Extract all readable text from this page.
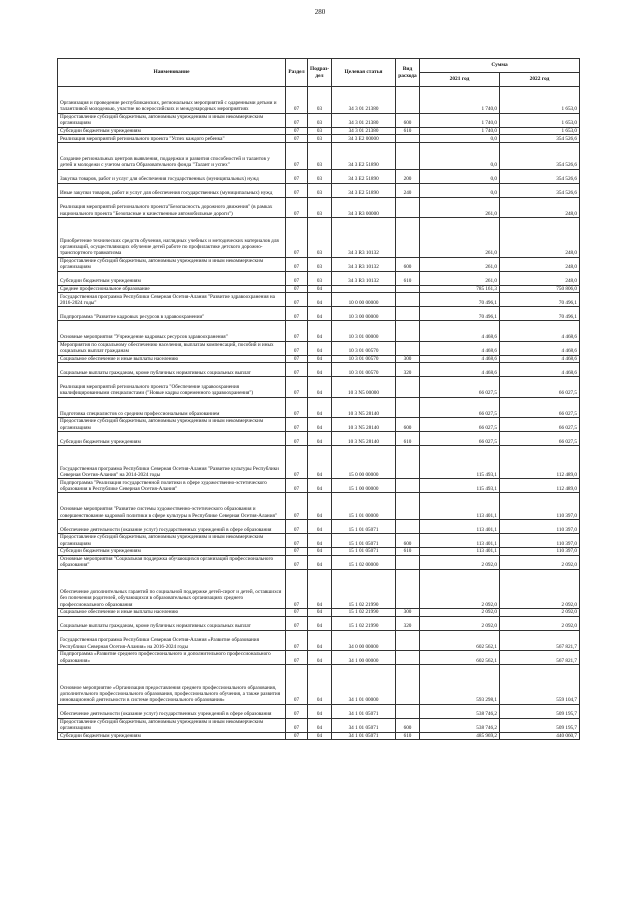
280
Наименование	Раздел	Подраз-дел	Целевая статья	Вид расхода	Сумма	
					2021 год	2022 год
Организация и проведение республиканских, региональных мероприятий с одаренными детьми и талантливой молодежью, участие во всероссийских и международных мероприятиях	07	03	34 3 01 21380		1 740,0	1 653,0
Предоставление субсидий бюджетным, автономным учреждениям и иным некоммерческим организациям	07	03	34 3 01 21380	600	1 740,0	1 653,0
Субсидии бюджетным учреждениям	07	03	34 3 01 21380	610	1 740,0	1 653,0
Реализация мероприятий регионального проекта "Успех каждого ребенка"	07	03	34 3 E2 00000		0,0	354 526,6
Создание региональных центров выявления, поддержки и развития способностей и талантов у детей и молодежи с учетом опыта Образовательного фонда "Талант и успех"	07	03	34 3 E2 51890		0,0	354 526,6
Закупка товаров, работ и услуг для обеспечения государственных (муниципальных) нужд	07	03	34 3 E2 51890	200	0,0	354 526,6
Иные закупки товаров, работ и услуг для обеспечения государственных (муниципальных) нужд	07	03	34 3 E2 51890	240	0,0	354 526,6
Реализация мероприятий регионального проекта"Безопасность дорожного движения" (в рамках национального проекта "Безопасные и качественные автомобильные дороги")	07	03	34 3 R3 00000		261,0	248,0
Приобретение технических средств обучения, наглядных учебных и методических материалов для организаций, осуществляющих обучение детей работе по профилактике детского дорожно-транспортного травматизма	07	03	34 3 R3 10132		261,0	248,0
Предоставление субсидий бюджетным, автономным учреждениям и иным некоммерческим организациям	07	03	34 3 R3 10132	600	261,0	248,0
Субсидии бюджетным учреждениям	07	03	34 3 R3 10132	610	261,0	248,0
Среднее профессиональное образование	07	04			785 161,3	750 806,0
Государственная программа Республики Северная Осетия-Алания "Развитие здравоохранения на 2016-2024 годы"	07	04	10 0 00 00000		70 496,1	70 496,1
Подпрограмма "Развитие кадровых ресурсов в здравоохранении"	07	04	10 3 00 00000		70 496,1	70 496,1
Основные мероприятия "Учреждение кадровых ресурсов здравоохранения"	07	04	10 3 01 00000		4 468,6	4 468,6
Мероприятия по социальному обеспечению населения, выплатам компенсаций, пособий и иных социальных выплат гражданам	07	04	10 3 01 00570		4 468,6	4 468,6
Социальное обеспечение и иные выплаты населению	07	04	10 3 01 00570	300	4 468,6	4 468,6
Социальные выплаты гражданам, кроме публичных нормативных социальных выплат	07	04	10 3 01 00570	320	4 468,6	4 468,6
Реализация мероприятий регионального проекта "Обеспечение здравоохранения квалифицированными специалистами ("Новые кадры современного здравоохранения")	07	04	10 3 N5 00000		66 027,5	66 027,5
Подготовка специалистов со средним профессиональным образованием	07	04	10 3 N5 28140		66 027,5	66 027,5
Предоставление субсидий бюджетным, автономным учреждениям и иным некоммерческим организациям	07	04	10 3 N5 28140	600	66 027,5	66 027,5
Субсидии бюджетным учреждениям	07	04	10 3 N5 28140	610	66 027,5	66 027,5
Государственная программа Республики Северная Осетия-Алания "Развитие культуры Республики Северная Осетия-Алания" на 2014-2024 годы	07	04	15 0 00 00000		115 493,1	112 489,0
Подпрограмма "Реализация государственной политики в сфере художественно-эстетического образования в Республике Северная Осетия-Алания"	07	04	15 1 00 00000		115 493,1	112 489,0
Основные мероприятия "Развитие системы художественно-эстетического образования и совершенствование кадровой политики в сфере культуры в Республике Северная Осетия-Алания"	07	04	15 1 01 00000		113 401,1	110 397,0
Обеспечение деятельности (оказание услуг) государственных учреждений в сфере образования	07	04	15 1 01 05071		113 401,1	110 397,0
Предоставление субсидий бюджетным, автономным учреждениям и иным некоммерческим организациям	07	04	15 1 01 05071	600	113 401,1	110 397,0
Субсидии бюджетным учреждениям	07	04	15 1 01 05071	610	113 401,1	110 397,0
Основные мероприятия "Социальная поддержка обучающихся организаций профессионального образования"	07	04	15 1 02 00000		2 092,0	2 092,0
Обеспечение дополнительных гарантий по социальной поддержке детей-сирот и детей, оставшихся без попечения родителей, обучающихся в образовательных организациях среднего профессионального образования	07	04	15 1 02 21990		2 092,0	2 092,0
Социальное обеспечение и иные выплаты населению	07	04	15 1 02 21990	300	2 092,0	2 092,0
Социальные выплаты гражданам, кроме публичных нормативных социальных выплат	07	04	15 1 02 21990	320	2 092,0	2 092,0
Государственная программа Республики Северная Осетия-Алания «Развитие образования Республики Северная Осетия-Алания» на 2016-2024 годы	07	04	34 0 00 00000		602 562,1	567 821,7
Подпрограмма «Развитие среднего профессионального и дополнительного профессионального образования»	07	04	34 1 00 00000		602 562,1	567 821,7
Основное мероприятие «Организация предоставления среднего профессионального образования, дополнительного профессионального образования, профессионального обучения, а также развития инновационной деятельности в системе профессионального образования»	07	04	34 1 01 00000		593 298,1	559 104,7
Обеспечение деятельности (оказание услуг) государственных учреждений в сфере образования	07	04	34 1 01 05071		538 746,2	509 195,7
Предоставление субсидий бюджетным, автономным учреждениям и иным некоммерческим организациям	07	04	34 1 01 05071	600	538 746,2	509 195,7
Субсидии бюджетным учреждениям	07	04	34 1 01 05071	610	485 969,2	440 060,7
